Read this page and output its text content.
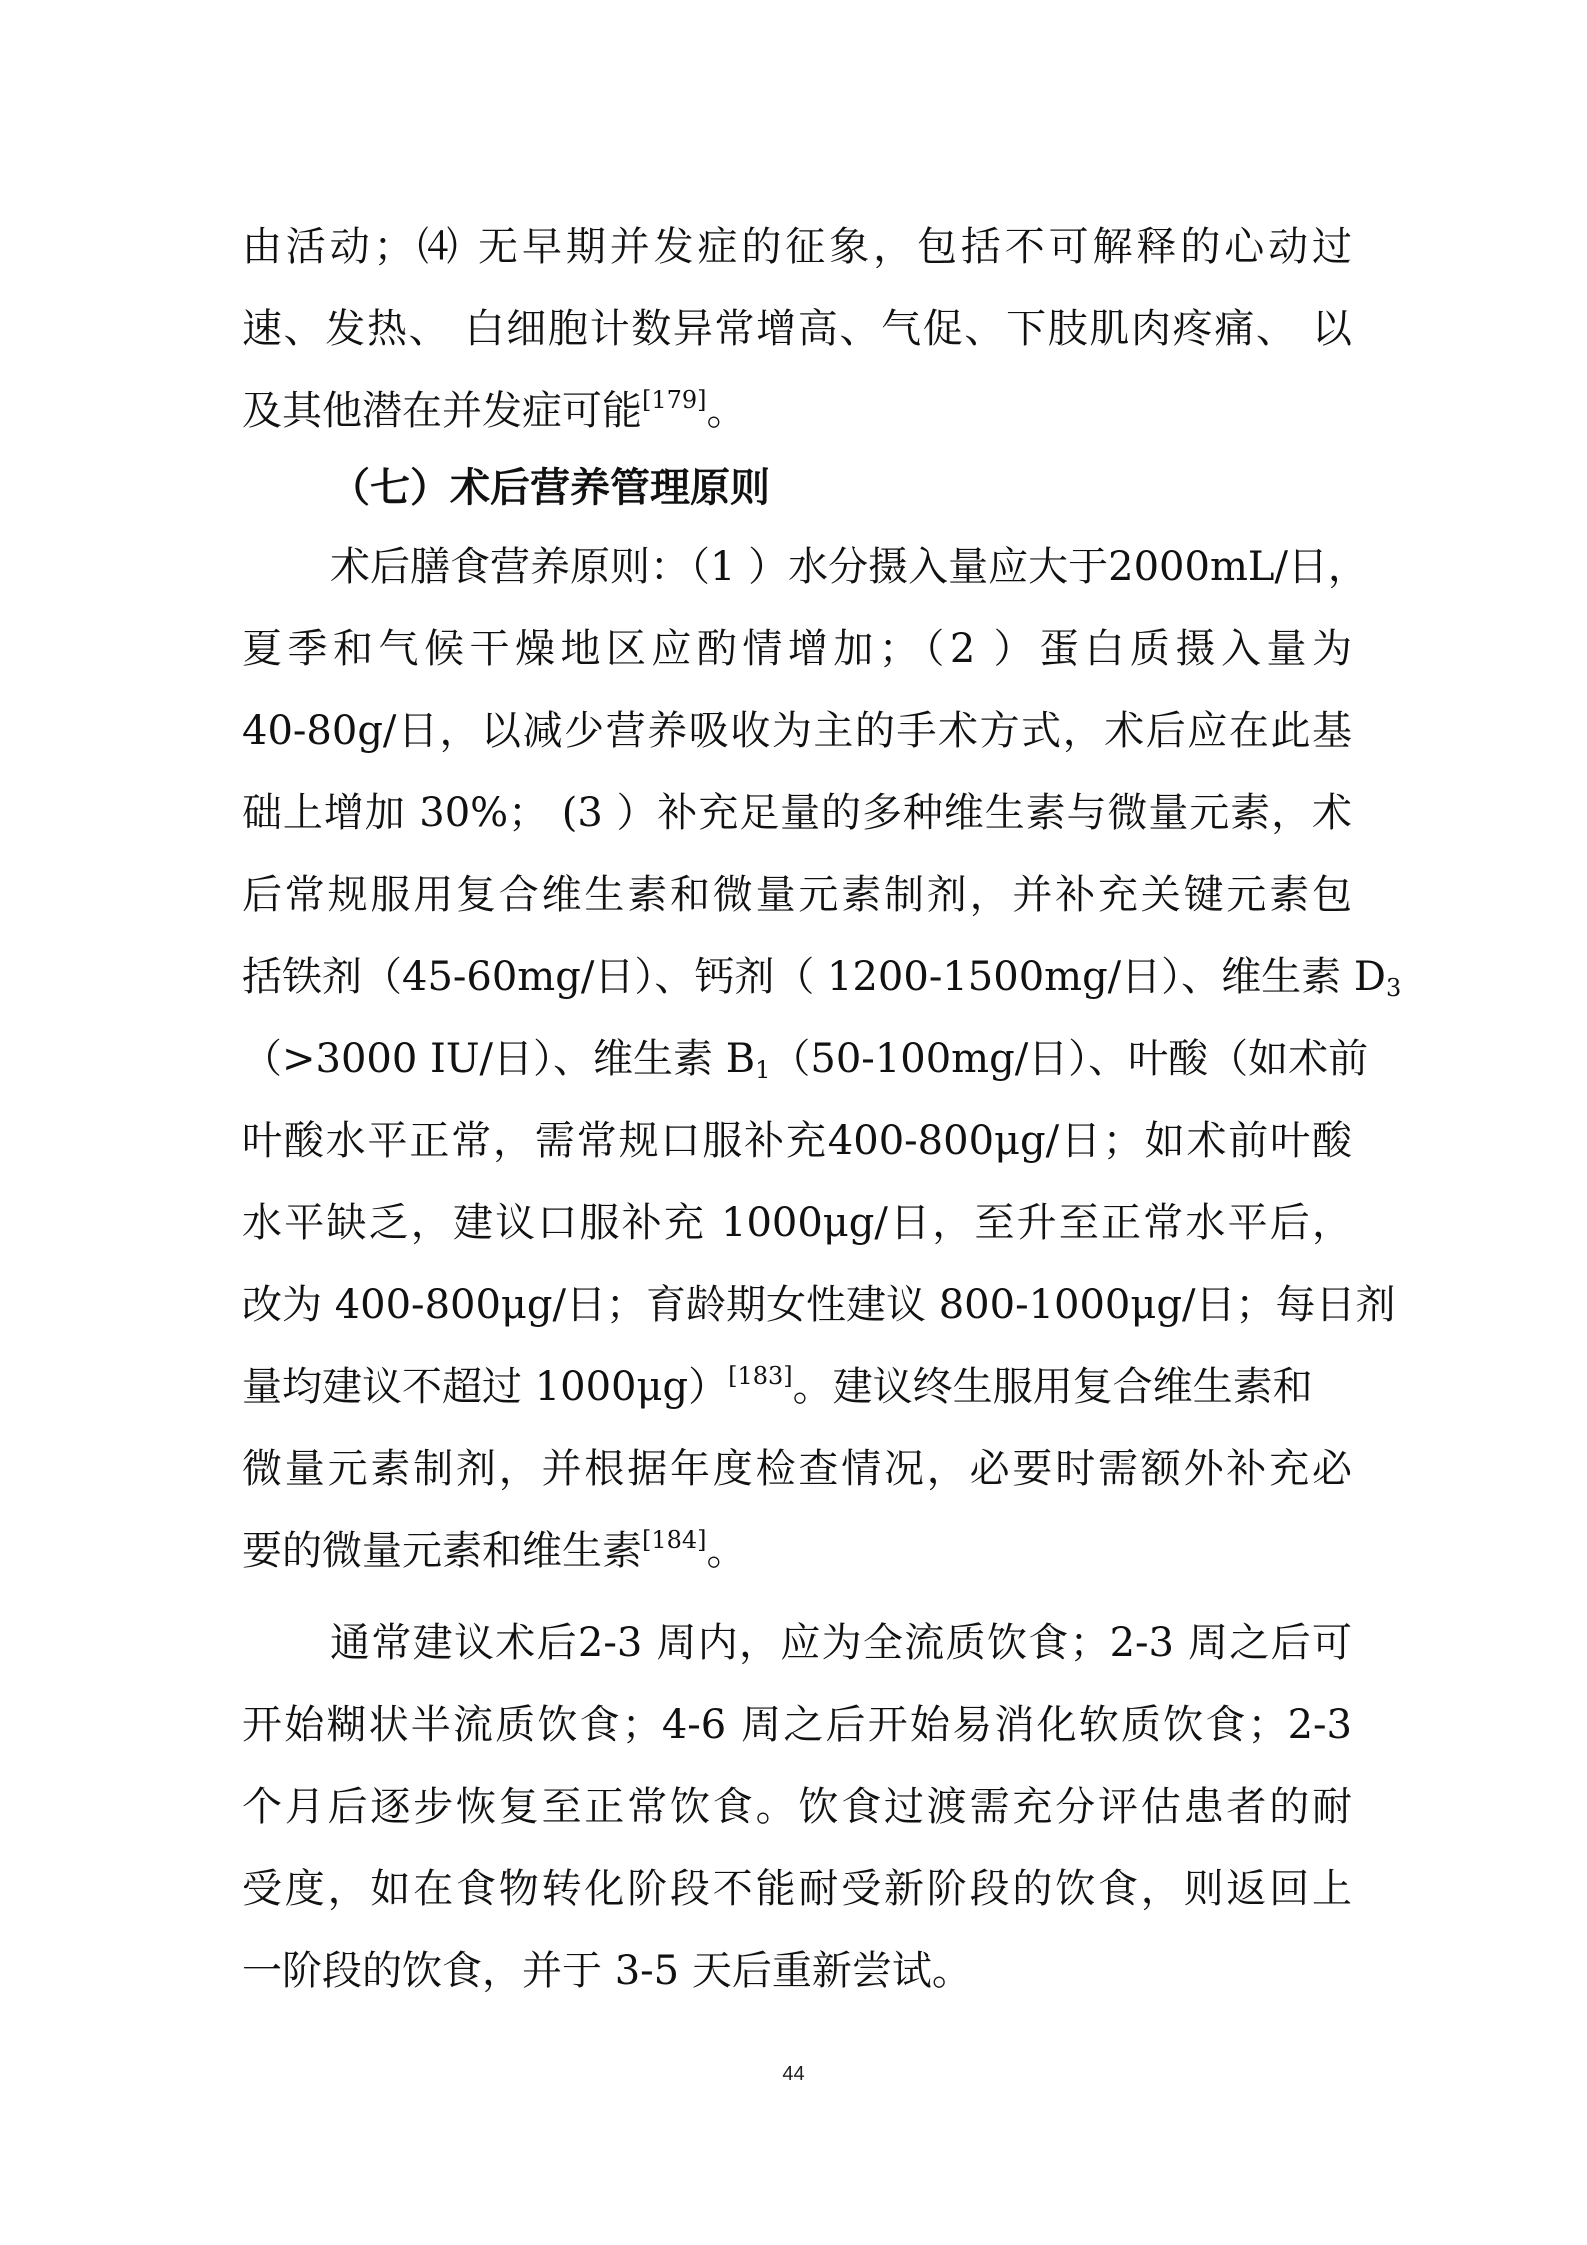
由活动；⑷ 无早期并发症的征象，包括不可解释的心动过
速、发热、 白细胞计数异常增高、气促、下肢肌肉疼痛、 以
及其他潜在并发症可能[179]。
（七）术后营养管理原则
术后膳食营养原则：（1 ）水分摄入量应大于2000mL/日，
夏季和气候干燥地区应酌情增加；（2 ）蛋白质摄入量为
40-80g/日，以减少营养吸收为主的手术方式，术后应在此基
础上增加 30%； (3 ）补充足量的多种维生素与微量元素，术
后常规服用复合维生素和微量元素制剂，并补充关键元素包
括铁剂（45-60mg/日）、钙剂（ 1200-1500mg/日）、维生素 $D_3$
（>3000 IU/日）、维生素 $B_1(50-100mg/$日）、叶酸（如术前
叶酸水平正常，需常规口服补充400-800μg/日；如术前叶酸
水平缺乏，建议口服补充 1000μg/日，至升至正常水平后，
改为 400-800μg/日；育龄期女性建议 800-1000μg/日；每日剂
量均建议不超过 1000μg）[183]。建议终生服用复合维生素和
微量元素制剂，并根据年度检查情况，必要时需额外补充必
要的微量元素和维生素[184]。
通常建议术后2-3 周内，应为全流质饮食；2-3 周之后可
开始糊状半流质饮食；4-6 周之后开始易消化软质饮食；2-3
个月后逐步恢复至正常饮食。饮食过渡需充分评估患者的耐
受度，如在食物转化阶段不能耐受新阶段的饮食，则返回上
一阶段的饮食，并于 3-5 天后重新尝试。
44
